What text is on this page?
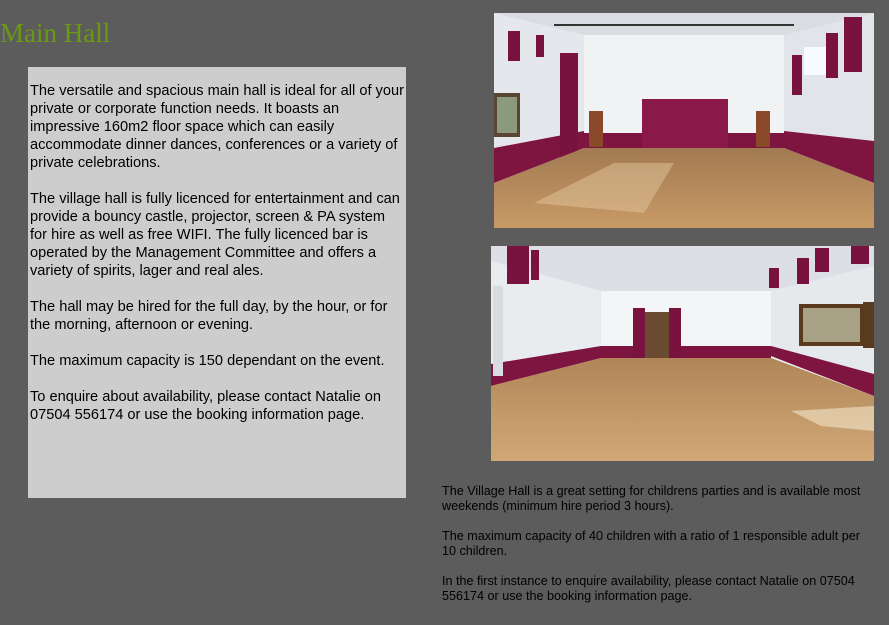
Main Hall

The versatile and spacious main hall is ideal for all of your private or corporate function needs. It boasts an impressive 160m2 floor space which can easily accommodate dinner dances, conferences or a variety of private celebrations.

The village hall is fully licenced for entertainment and can provide a bouncy castle, projector, screen & PA system for hire as well as free WIFI. The fully licenced bar is operated by the Management Committee and offers a variety of spirits, lager and real ales.

The hall may be hired for the full day, by the hour, or for the morning, afternoon or evening.

The maximum capacity is 150 dependant on the event.

To enquire about availability, please contact Natalie on 07504 556174 or use the booking information page.

The Village Hall is a great setting for childrens parties and is available most weekends (minimum hire period 3 hours).

The maximum capacity of 40 children with a ratio of 1 responsible adult per 10 children.

In the first instance to enquire availability, please contact Natalie on 07504 556174 or use the booking information page.
